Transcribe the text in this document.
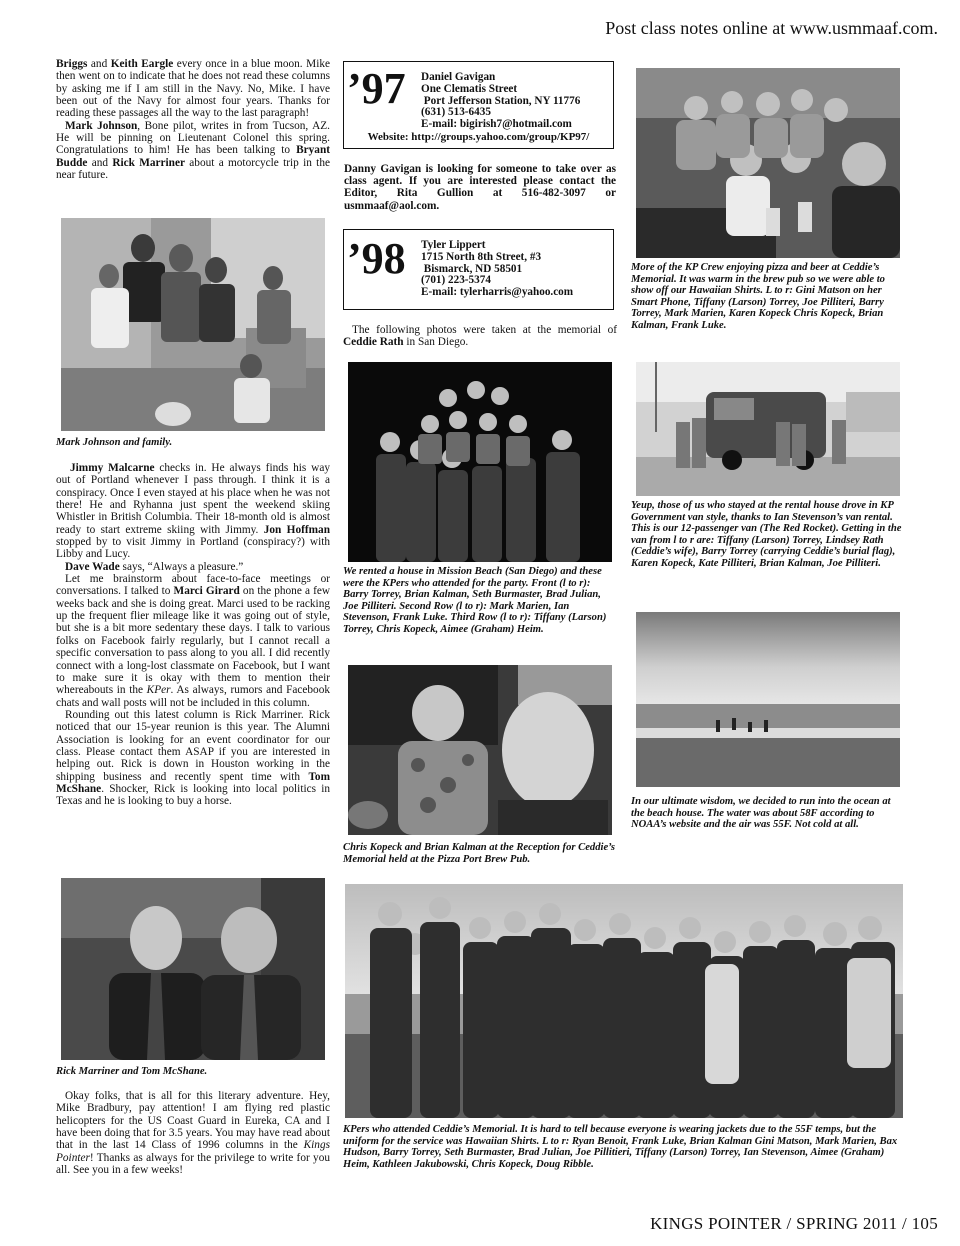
Post class notes online at www.usmmaaf.com.
KINGS POINTER / SPRING 2011 / 105

Briggs and Keith Eargle every once in a blue moon. Mike then went on to indicate that he does not read these columns by asking me if I am still in the Navy. No, Mike. I have been out of the Navy for almost four years. Thanks for reading these passages all the way to the last paragraph!

Mark Johnson, Bone pilot, writes in from Tucson, AZ. He will be pinning on Lieutenant Colonel this spring. Congratulations to him! He has been talking to Bryant Budde and Rick Marriner about a motorcycle trip in the near future.

Mark Johnson and family.

Jimmy Malcarne checks in. He always finds his way out of Portland whenever I pass through. I think it is a conspiracy. Once I even stayed at his place when he was not there! He and Ryhanna just spent the weekend skiing Whistler in British Columbia. Their 18-month old is almost ready to start extreme skiing with Jimmy. Jon Hoffman stopped by to visit Jimmy in Portland (conspiracy?) with Libby and Lucy.

Dave Wade says, “Always a pleasure.”

Let me brainstorm about face-to-face meetings or conversations. I talked to Marci Girard on the phone a few weeks back and she is doing great. Marci used to be racking up the frequent flier mileage like it was going out of style, but she is a bit more sedentary these days. I talk to various folks on Facebook fairly regularly, but I cannot recall a specific conversation to pass along to you all. I did recently connect with a long-lost classmate on Facebook, but I want to make sure it is okay with them to mention their whereabouts in the KPer. As always, rumors and Facebook chats and wall posts will not be included in this column.

Rounding out this latest column is Rick Marriner. Rick noticed that our 15-year reunion is this year. The Alumni Association is looking for an event coordinator for our class. Please contact them ASAP if you are interested in helping out. Rick is down in Houston working in the shipping business and recently spent time with Tom McShane. Shocker, Rick is looking into local politics in Texas and he is looking to buy a horse.

Rick Marriner and Tom McShane.

Okay folks, that is all for this literary adventure. Hey, Mike Bradbury, pay attention! I am flying red plastic helicopters for the US Coast Guard in Eureka, CA and I have been doing that for 3.5 years. You may have read about that in the last 14 Class of 1996 columns in the Kings Pointer! Thanks as always for the privilege to write for you all. See you in a few weeks!

’97 Daniel Gavigan
One Clematis Street
Port Jefferson Station, NY 11776
(631) 513-6435
E-mail: bigirish7@hotmail.com
Website: http://groups.yahoo.com/group/KP97/
Danny Gavigan is looking for someone to take over as class agent. If you are interested please contact the Editor, Rita Gullion at 516-482-3097 or usmmaaf@aol.com.
’98 Tyler Lippert
1715 North 8th Street, #3
Bismarck, ND 58501
(701) 223-5374
E-mail: tylerharris@yahoo.com

The following photos were taken at the memorial of Ceddie Rath in San Diego.

We rented a house in Mission Beach (San Diego) and these were the KPers who attended for the party. Front (l to r): Barry Torrey, Brian Kalman, Seth Burmaster, Brad Julian, Joe Pilliteri. Second Row (l to r): Mark Marien, Ian Stevenson, Frank Luke. Third Row (l to r): Tiffany (Larson) Torrey, Chris Kopeck, Aimee (Graham) Heim.
Chris Kopeck and Brian Kalman at the Reception for Ceddie’s Memorial held at the Pizza Port Brew Pub.
More of the KP Crew enjoying pizza and beer at Ceddie’s Memorial. It was warm in the brew pub so we were able to show off our Hawaiian Shirts. L to r: Gini Matson on her Smart Phone, Tiffany (Larson) Torrey, Joe Pilliteri, Barry Torrey, Mark Marien, Karen Kopeck Chris Kopeck, Brian Kalman, Frank Luke.
Yeup, those of us who stayed at the rental house drove in KP Government van style, thanks to Ian Stevenson’s van rental. This is our 12-passenger van (The Red Rocket). Getting in the van from l to r are: Tiffany (Larson) Torrey, Lindsey Rath (Ceddie’s wife), Barry Torrey (carrying Ceddie’s burial flag), Karen Kopeck, Kate Pilliteri, Brian Kalman, Joe Pilliteri.
In our ultimate wisdom, we decided to run into the ocean at the beach house. The water was about 58F according to NOAA’s website and the air was 55F. Not cold at all.
KPers who attended Ceddie’s Memorial. It is hard to tell because everyone is wearing jackets due to the 55F temps, but the uniform for the service was Hawaiian Shirts. L to r: Ryan Benoit, Frank Luke, Brian Kalman Gini Matson, Mark Marien, Bax Hudson, Barry Torrey, Seth Burmaster, Brad Julian, Joe Pillitieri, Tiffany (Larson) Torrey, Ian Stevenson, Aimee (Graham) Heim, Kathleen Jakubowski, Chris Kopeck, Doug Ribble.
